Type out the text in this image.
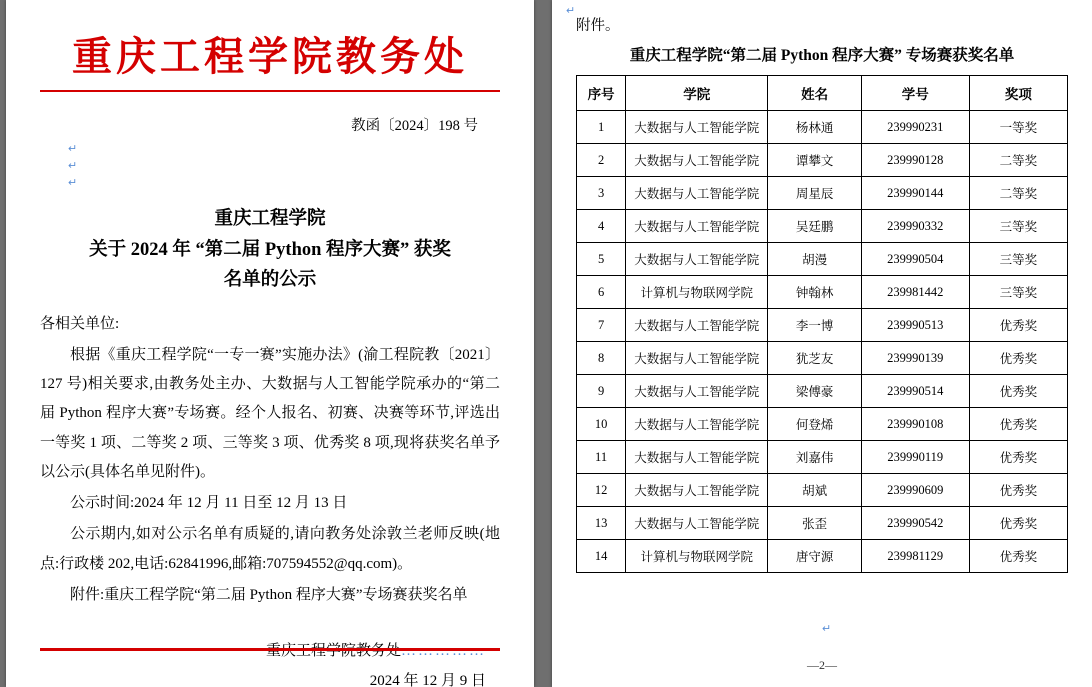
重庆工程学院教务处
教函〔2024〕198 号
↵
↵
↵
重庆工程学院
关于 2024 年 “第二届 Python 程序大赛” 获奖
名单的公示

各相关单位:

根据《重庆工程学院“一专一赛”实施办法》(渝工程院教〔2021〕127 号)相关要求,由教务处主办、大数据与人工智能学院承办的“第二届 Python 程序大赛”专场赛。经个人报名、初赛、决赛等环节,评选出一等奖 1 项、二等奖 2 项、三等奖 3 项、优秀奖 8 项,现将获奖名单予以公示(具体名单见附件)。

公示时间:2024 年 12 月 11 日至 12 月 13 日

公示期内,如对公示名单有质疑的,请向教务处涂敦兰老师反映(地点:行政楼 202,电话:62841996,邮箱:707594552@qq.com)。

附件:重庆工程学院“第二届 Python 程序大赛”专场赛获奖名单

重庆工程学院教务处……………
2024 年 12 月 9 日
↵
附件。
重庆工程学院“第二届 Python 程序大赛” 专场赛获奖名单
序号	学院	姓名	学号	奖项
1	大数据与人工智能学院	杨林通	239990231	一等奖
2	大数据与人工智能学院	谭攀文	239990128	二等奖
3	大数据与人工智能学院	周星辰	239990144	二等奖
4	大数据与人工智能学院	吴廷鹏	239990332	三等奖
5	大数据与人工智能学院	胡漫	239990504	三等奖
6	计算机与物联网学院	钟翰林	239981442	三等奖
7	大数据与人工智能学院	李一博	239990513	优秀奖
8	大数据与人工智能学院	犹芝友	239990139	优秀奖
9	大数据与人工智能学院	梁傅豪	239990514	优秀奖
10	大数据与人工智能学院	何登烯	239990108	优秀奖
11	大数据与人工智能学院	刘嘉伟	239990119	优秀奖
12	大数据与人工智能学院	胡斌	239990609	优秀奖
13	大数据与人工智能学院	张歪	239990542	优秀奖
14	计算机与物联网学院	唐守源	239981129	优秀奖
↵
—2—
